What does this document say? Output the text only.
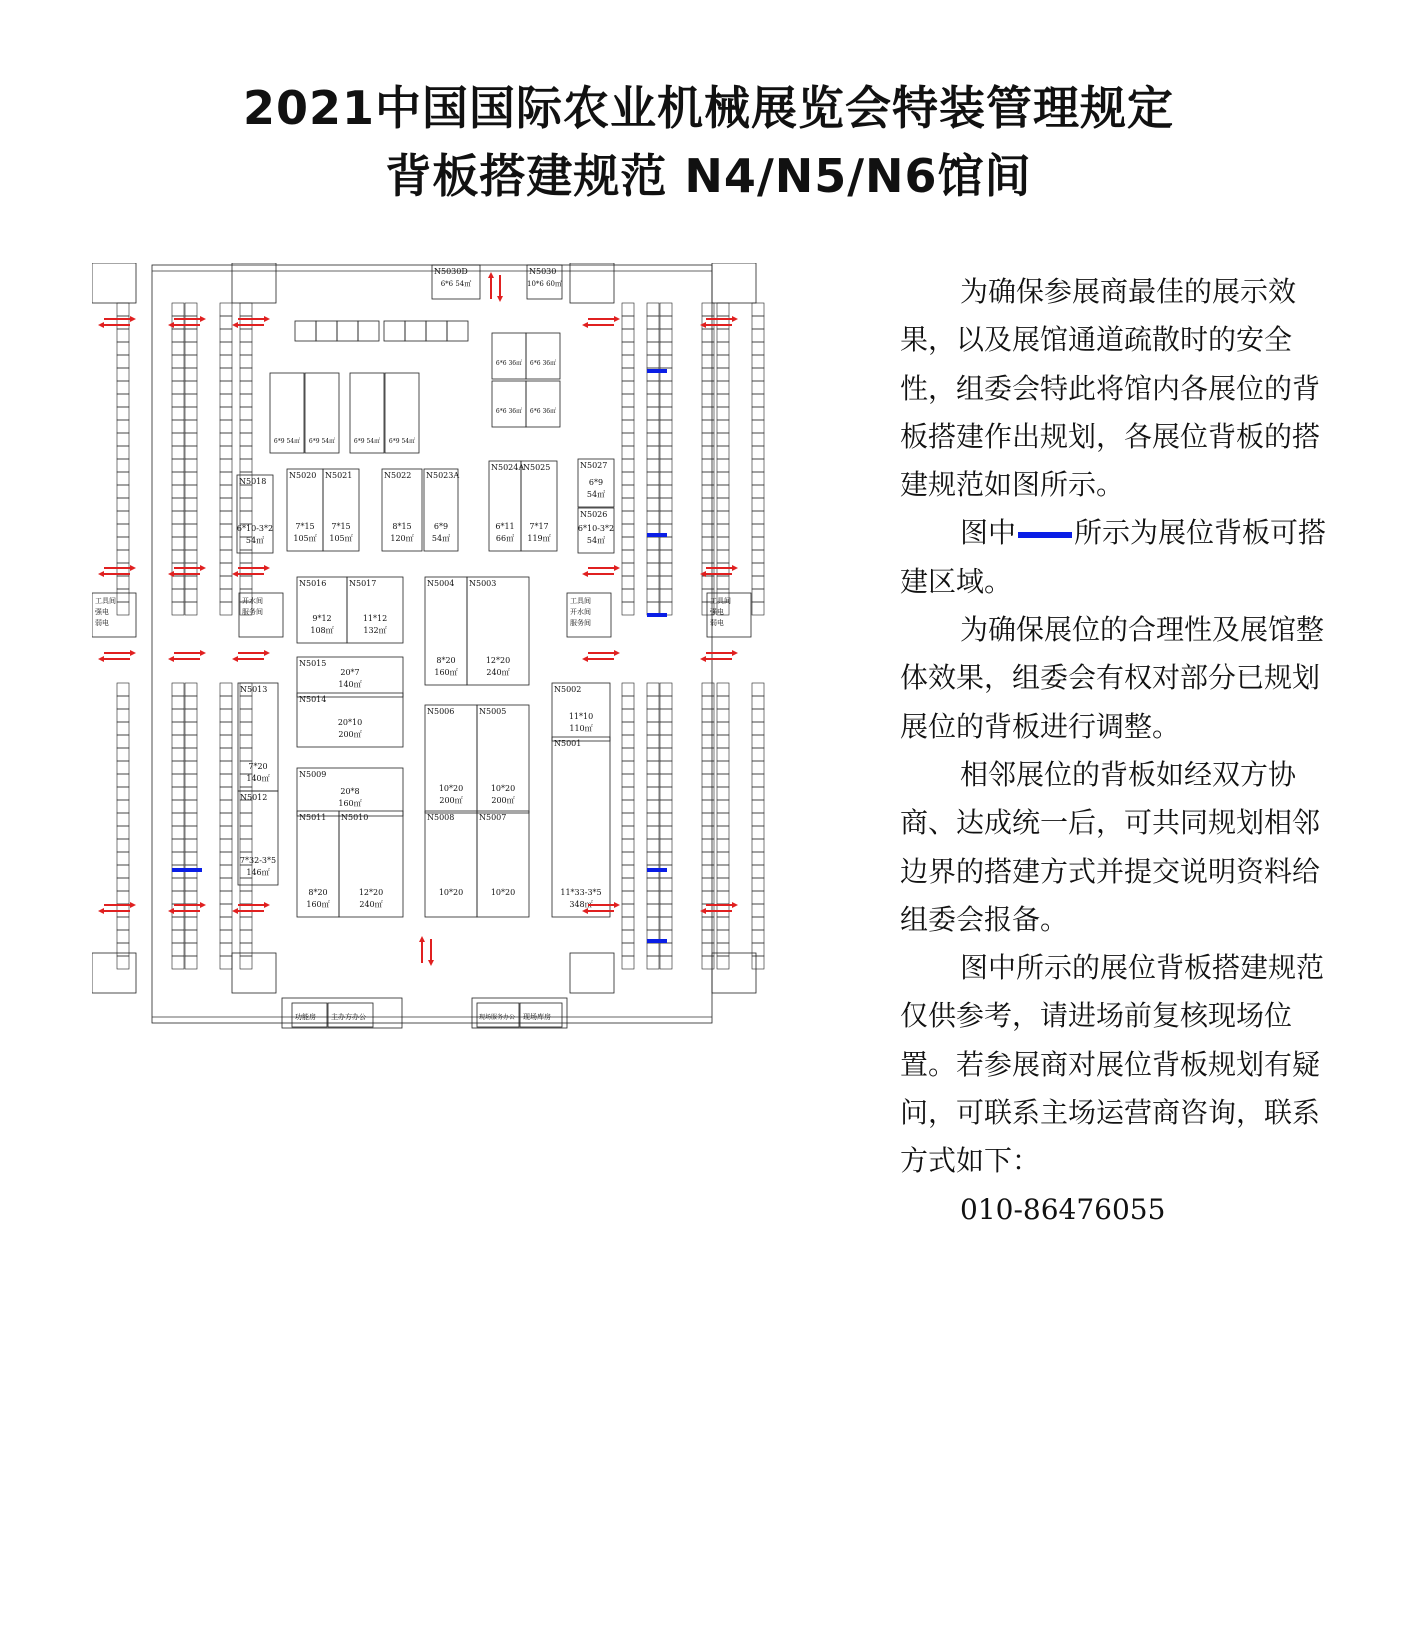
2021中国国际农业机械展览会特装管理规定
背板搭建规范 N4/N5/N6馆间
N5030D
6*6 54㎡
N5030
10*6 60㎡
N5020
7*15
105㎡
N5021
7*15
105㎡
N5022
8*15
120㎡
N5023A
6*9
54㎡
N5024A
6*11
66㎡
N5025
7*17
119㎡
N5018
6*10-3*2
54㎡
N5026
6*10-3*2
54㎡
N5027
6*9
54㎡
N5016
9*12
108㎡
N5017
11*12
132㎡
N5004
8*20
160㎡
N5003
12*20
240㎡
N5015
20*7
140㎡
N5014
20*10
200㎡
N5013
7*20
140㎡
N5012
7*32-3*5
146㎡
N5009
20*8
160㎡
N5011
8*20
160㎡
N5010
12*20
240㎡
N5006
10*20
200㎡
N5005
10*20
200㎡
N5008
10*20
N5007
10*20
N5002
11*10
110㎡
N5001
11*33-3*5
348㎡
6*9 54㎡ 6*9 54㎡	6*9 54㎡ 6*9 54㎡
6*6 36㎡ 6*6 36㎡
6*6 36㎡ 6*6 36㎡
工具间
强电
弱电
开水间
服务间
工具间
开水间
服务间
工具间
强电
弱电
功能房 主办方办公	现场服务办公 现场库房

为确保参展商最佳的展示效果，以及展馆通道疏散时的安全性，组委会特此将馆内各展位的背板搭建作出规划，各展位背板的搭建规范如图所示。

图中 所示为展位背板可搭建区域。

为确保展位的合理性及展馆整体效果，组委会有权对部分已规划展位的背板进行调整。

相邻展位的背板如经双方协商、达成统一后，可共同规划相邻边界的搭建方式并提交说明资料给组委会报备。

图中所示的展位背板搭建规范仅供参考，请进场前复核现场位置。若参展商对展位背板规划有疑问，可联系主场运营商咨询，联系方式如下：

010-86476055
